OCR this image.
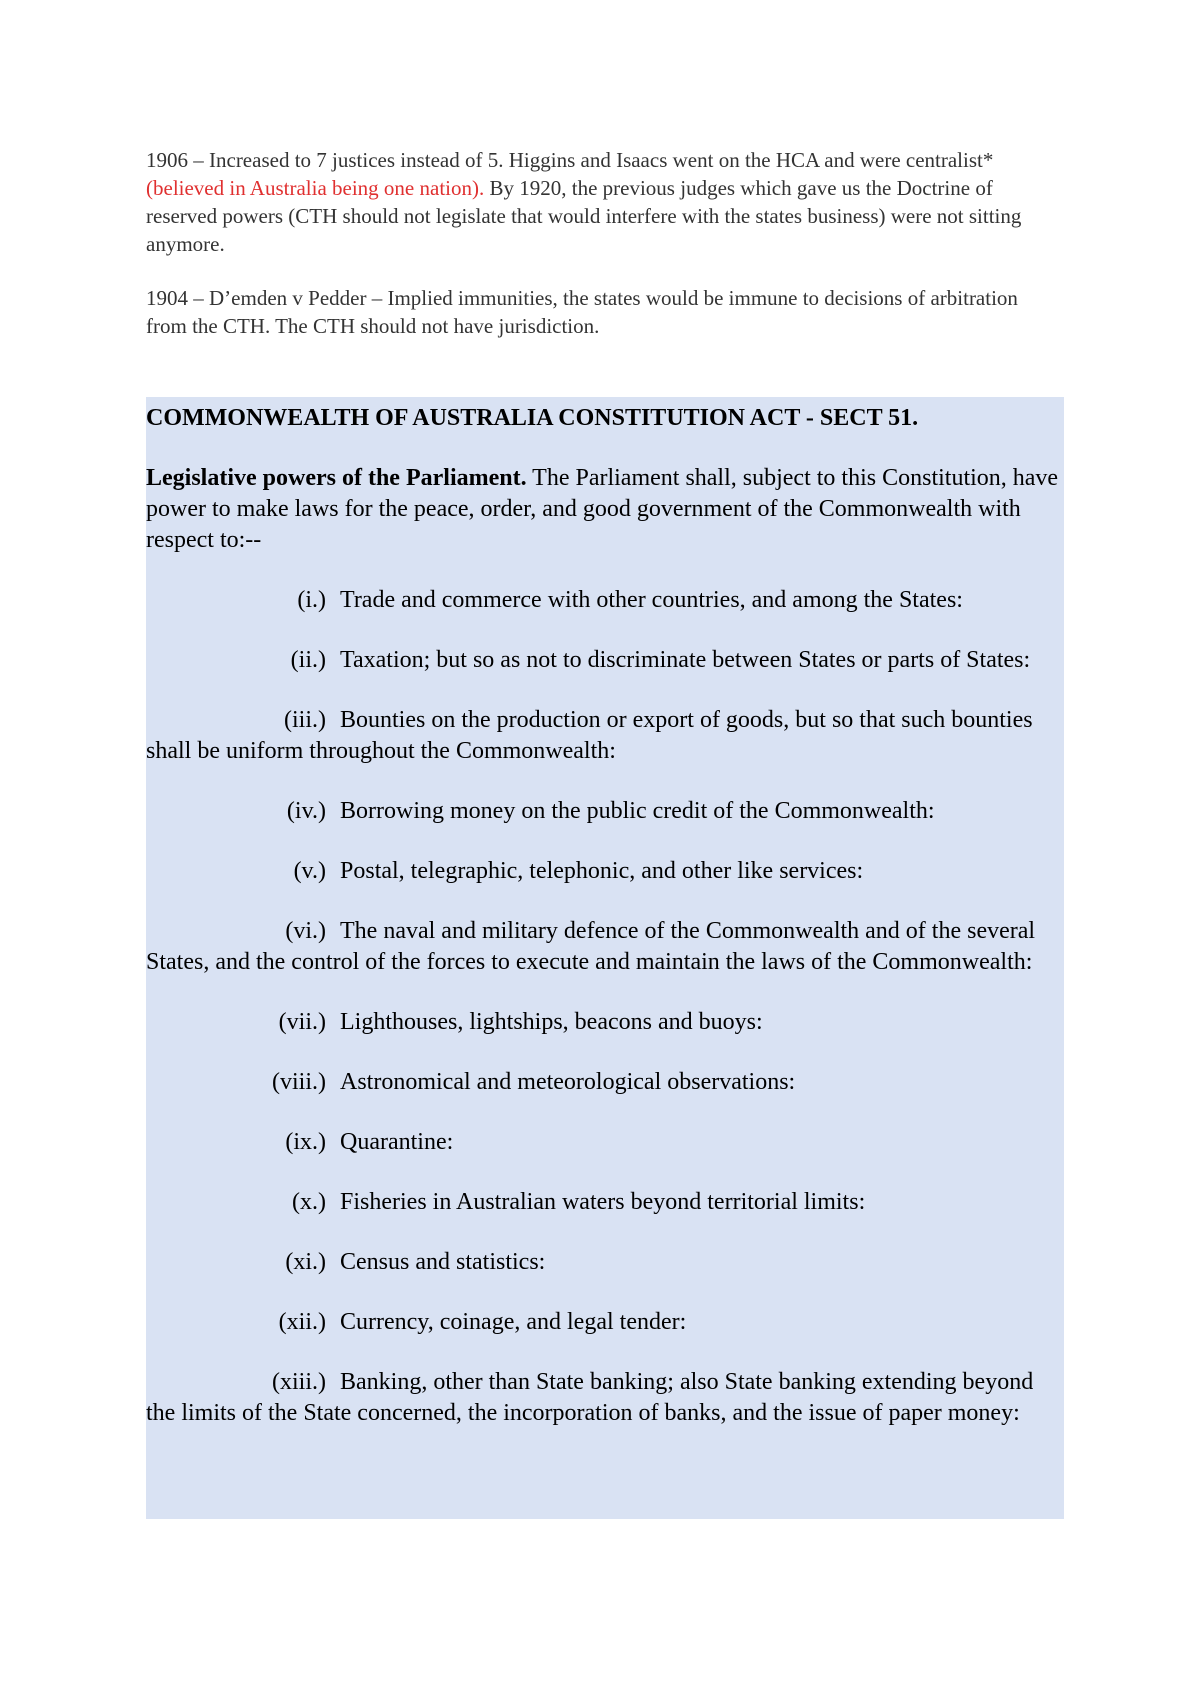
1906 – Increased to 7 justices instead of 5. Higgins and Isaacs went on the HCA and were centralist*(believed in Australia being one nation). By 1920, the previous judges which gave us the Doctrine of reserved powers (CTH should not legislate that would interfere with the states business) were not sitting anymore.

1904 – D’emden v Pedder – Implied immunities, the states would be immune to decisions of arbitration from the CTH. The CTH should not have jurisdiction.

COMMONWEALTH OF AUSTRALIA CONSTITUTION ACT - SECT 51.
Legislative powers of the Parliament. The Parliament shall, subject to this Constitution, have power to make laws for the peace, order, and good government of the Commonwealth with respect to:--
(i.) Trade and commerce with other countries, and among the States:
(ii.) Taxation; but so as not to discriminate between States or parts of States:
(iii.) Bounties on the production or export of goods, but so that such bounties shall be uniform throughout the Commonwealth:
(iv.) Borrowing money on the public credit of the Commonwealth:
(v.) Postal, telegraphic, telephonic, and other like services:
(vi.) The naval and military defence of the Commonwealth and of the several States, and the control of the forces to execute and maintain the laws of the Commonwealth:
(vii.) Lighthouses, lightships, beacons and buoys:
(viii.) Astronomical and meteorological observations:
(ix.) Quarantine:
(x.) Fisheries in Australian waters beyond territorial limits:
(xi.) Census and statistics:
(xii.) Currency, coinage, and legal tender:
(xiii.) Banking, other than State banking; also State banking extending beyond the limits of the State concerned, the incorporation of banks, and the issue of paper money:
